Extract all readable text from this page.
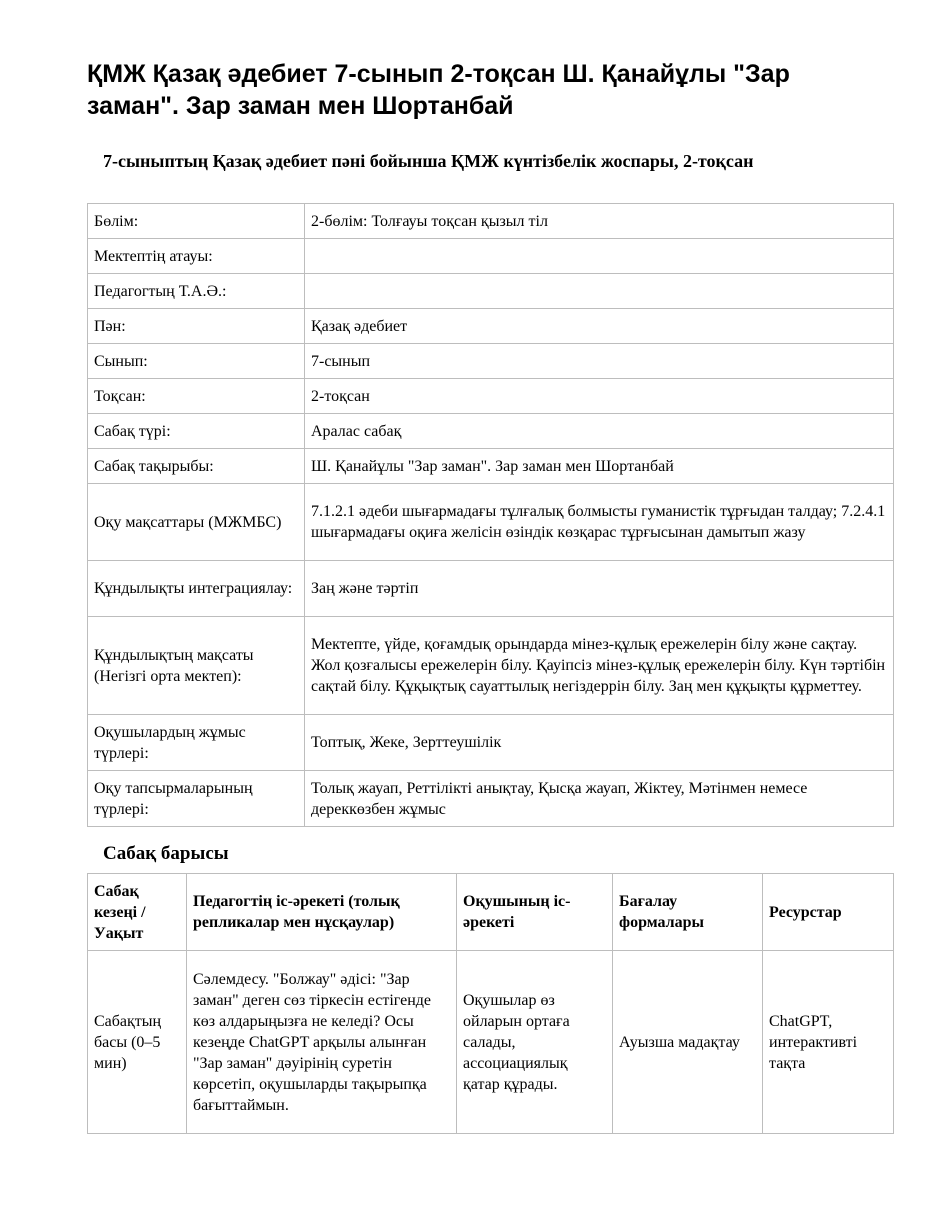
ҚМЖ Қазақ әдебиет 7-сынып 2-тоқсан Ш. Қанайұлы "Зар заман". Зар заман мен Шортанбай
7-сыныптың Қазақ әдебиет пәні бойынша ҚМЖ күнтізбелік жоспары, 2-тоқсан
Бөлім:	2-бөлім: Толғауы тоқсан қызыл тіл
Мектептің атауы:	
Педагогтың Т.А.Ә.:	
Пән:	Қазақ әдебиет
Сынып:	7-сынып
Тоқсан:	2-тоқсан
Сабақ түрі:	Аралас сабақ
Сабақ тақырыбы:	Ш. Қанайұлы "Зар заман". Зар заман мен Шортанбай
Оқу мақсаттары (МЖМБС)	7.1.2.1 әдеби шығармадағы тұлғалық болмысты гуманистік тұрғыдан талдау; 7.2.4.1 шығармадағы оқиға желісін өзіндік көзқарас тұрғысынан дамытып жазу
Құндылықты интеграциялау:	Заң және тәртіп
Құндылықтың мақсаты (Негізгі орта мектеп):	Мектепте, үйде, қоғамдық орындарда мінез-құлық ережелерін білу және сақтау. Жол қозғалысы ережелерін білу. Қауіпсіз мінез-құлық ережелерін білу. Күн тәртібін сақтай білу. Құқықтық сауаттылық негіздеррін білу. Заң мен құқықты құрметтеу.
Оқушылардың жұмыс түрлері:	Топтық, Жеке, Зерттеушілік
Оқу тапсырмаларының түрлері:	Толық жауап, Реттілікті анықтау, Қысқа жауап, Жіктеу, Мәтінмен немесе дереккөзбен жұмыс
Сабақ барысы
Сабақ кезеңі / Уақыт	Педагогтің іс-әрекеті (толық репликалар мен нұсқаулар)	Оқушының іс-әрекеті	Бағалау формалары	Ресурстар
Сабақтың басы (0–5 мин)	Сәлемдесу. "Болжау" әдісі: "Зар заман" деген сөз тіркесін естігенде көз алдарыңызға не келеді? Осы кезеңде ChatGPT арқылы алынған "Зар заман" дәуірінің суретін көрсетіп, оқушыларды тақырыпқа бағыттаймын.	Оқушылар өз ойларын ортаға салады, ассоциациялық қатар құрады.	Ауызша мадақтау	ChatGPT, интерактивті тақта
